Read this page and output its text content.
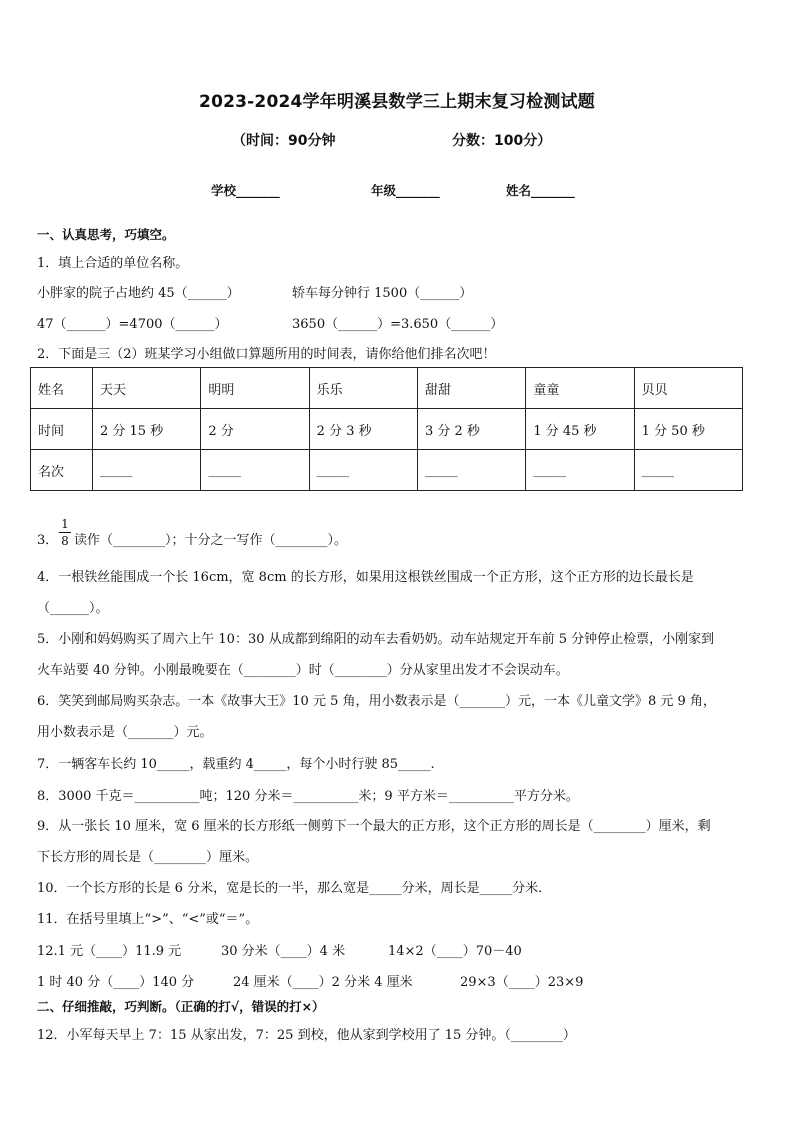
2023-2024学年明溪县数学三上期末复习检测试题
（时间：90分钟	分数：100分）
学校_______	年级_______	姓名_______
一、认真思考，巧填空。
1．填上合适的单位名称。
小胖家的院子占地约 45（______）	轿车每分钟行 1500（______）
47（______）=4700（______）	3650（______）=3.650（______）
2．下面是三（2）班某学习小组做口算题所用的时间表，请你给他们排名次吧！
姓名	天天	明明	乐乐	甜甜	童童	贝贝
时间	2 分 15 秒	2 分	2 分 3 秒	3 分 2 秒	1 分 45 秒	1 分 50 秒
名次	_____	_____	_____	_____	_____	_____
3．
1
8 读作（________）；十分之一写作（________）。
4．一根铁丝能围成一个长 16cm，宽 8cm 的长方形，如果用这根铁丝围成一个正方形，这个正方形的边长最长是
（______）。
5．小刚和妈妈购买了周六上午 10：30 从成都到绵阳的动车去看奶奶。动车站规定开车前 5 分钟停止检票，小刚家到
火车站要 40 分钟。小刚最晚要在（________）时（________）分从家里出发才不会误动车。
6．笑笑到邮局购买杂志。一本《故事大王》10 元 5 角，用小数表示是（_______）元，一本《儿童文学》8 元 9 角，
用小数表示是（_______）元。
7．一辆客车长约 10_____，载重约 4_____，每个小时行驶 85_____.
8．3000 千克＝__________吨；120 分米＝__________米；9 平方米＝__________平方分米。
9．从一张长 10 厘米，宽 6 厘米的长方形纸一侧剪下一个最大的正方形，这个正方形的周长是（________）厘米，剩
下长方形的周长是（________）厘米。
10．一个长方形的长是 6 分米，宽是长的一半，那么宽是_____分米，周长是_____分米．
11．在括号里填上“>”、“<”或“＝”。
12.1 元（____）11.9 元	30 分米（____）4 米	14×2（____）70－40
1 时 40 分（____）140 分	24 厘米（____）2 分米 4 厘米	29×3（____）23×9
二、仔细推敲，巧判断。（正确的打√，错误的打×）
12．小军每天早上 7：15 从家出发，7：25 到校，他从家到学校用了 15 分钟。（________）
